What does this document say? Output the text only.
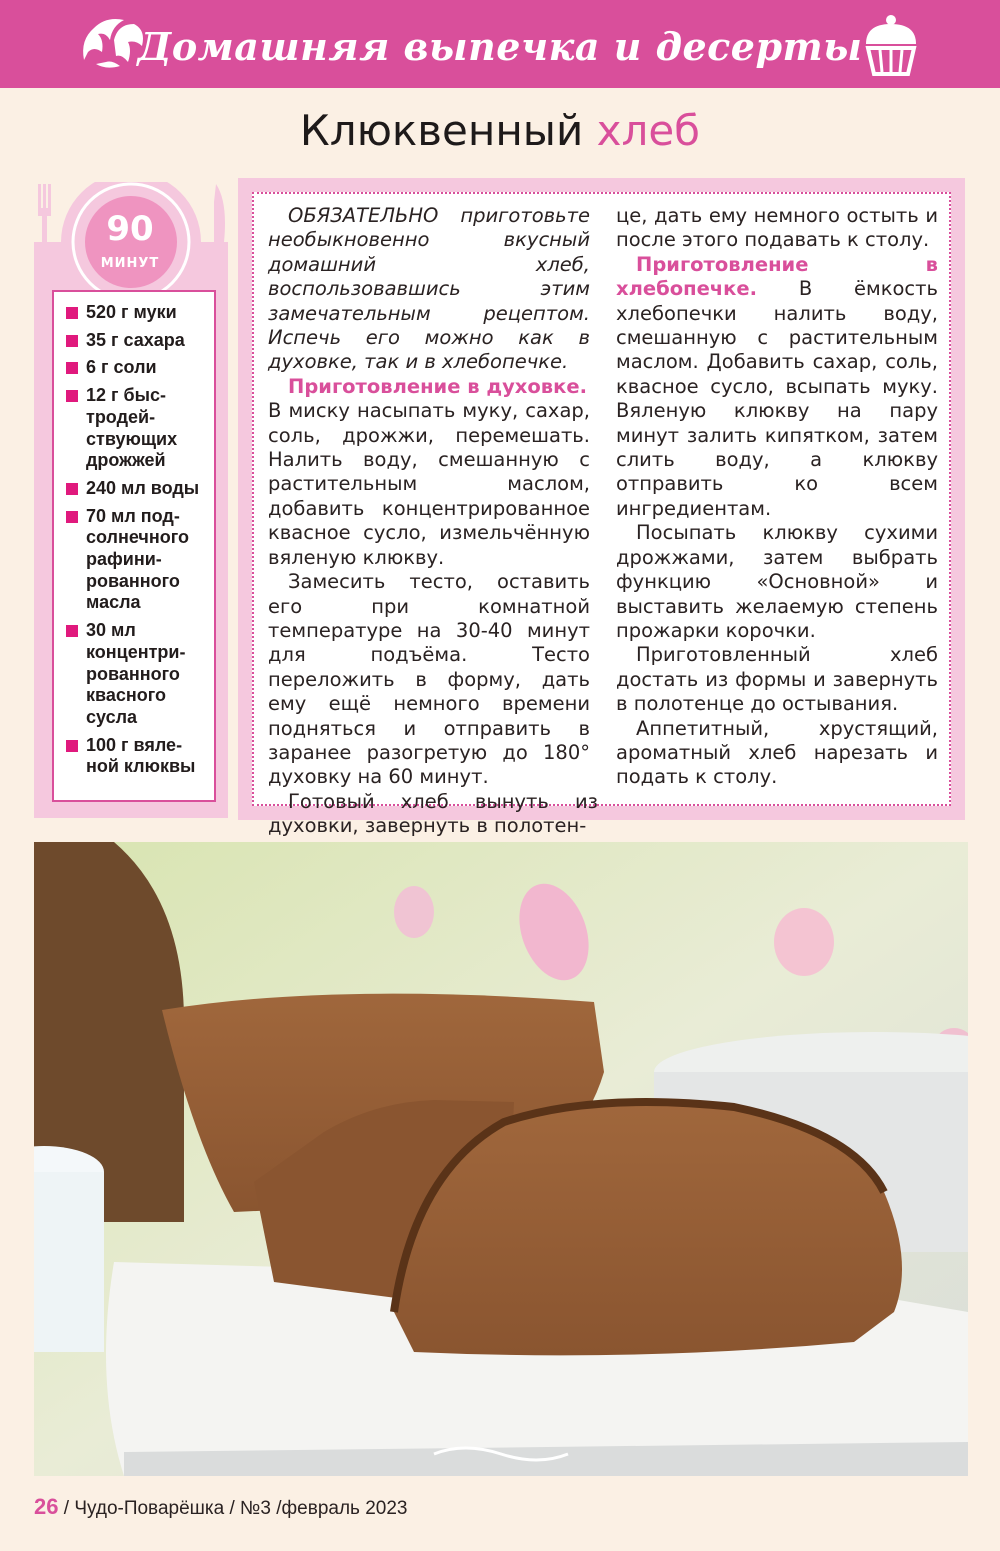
Домашняя выпечка и десерты
Клюквенный хлеб
90
МИНУТ
520 г муки
35 г сахара
6 г соли
12 г быс-
тродей-
ствующих
дрожжей
240 мл воды
70 мл под-
солнечного
рафини-
рованного
масла
30 мл
концентри-
рованного
квасного
сусла
100 г вяле-
ной клюквы

ОБЯЗАТЕЛЬНО приготовьте необыкновенно вкусный домашний хлеб, воспользовавшись этим замечательным рецептом. Испечь его можно как в духовке, так и в хлебопечке.

Приготовление в духовке.
В миску насыпать муку, сахар, соль, дрожжи, перемешать. Налить воду, смешанную с растительным маслом, добавить концентрированное квасное сусло, измельчённую вяленую клюкву.

Замесить тесто, оставить его при комнатной температуре на 30-40 минут для подъёма. Тесто переложить в форму, дать ему ещё немного времени подняться и отправить в заранее разогретую до 180° духовку на 60 минут.

Готовый хлеб вынуть из духовки, завернуть в полотен-

це, дать ему немного остыть и после этого подавать к столу.

Приготовление в хлебопечке. В ёмкость хлебопечки налить воду, смешанную с растительным маслом. Добавить сахар, соль, квасное сусло, всыпать муку. Вяленую клюкву на пару минут залить кипятком, затем слить воду, а клюкву отправить ко всем ингредиентам.

Посыпать клюкву сухими дрожжами, затем выбрать функцию «Основной» и выставить желаемую степень прожарки корочки.

Приготовленный хлеб достать из формы и завернуть в полотенце до остывания.

Аппетитный, хрустящий, ароматный хлеб нарезать и подать к столу.

26 / Чудо-Поварёшка / №3 /февраль 2023
